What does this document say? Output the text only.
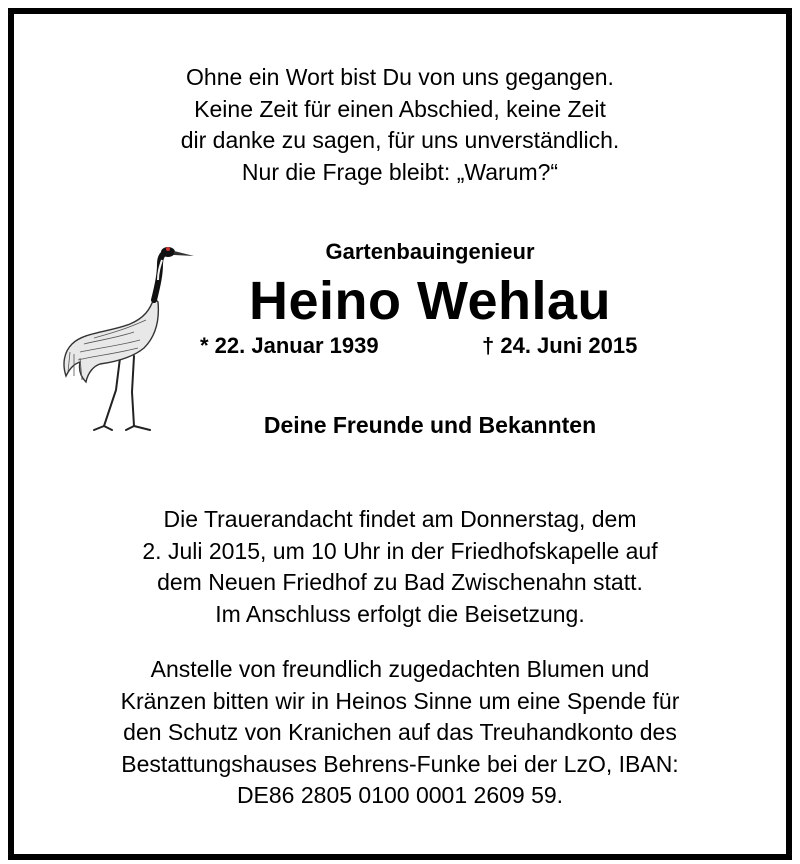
Ohne ein Wort bist Du von uns gegangen.
Keine Zeit für einen Abschied, keine Zeit
dir danke zu sagen, für uns unverständlich.
Nur die Frage bleibt: „Warum?“
Gartenbauingenieur
Heino Wehlau
* 22. Januar 1939	† 24. Juni 2015
Deine Freunde und Bekannten
Die Trauerandacht findet am Donnerstag, dem
2. Juli 2015, um 10 Uhr in der Friedhofskapelle auf
dem Neuen Friedhof zu Bad Zwischenahn statt.
Im Anschluss erfolgt die Beisetzung.
Anstelle von freundlich zugedachten Blumen und
Kränzen bitten wir in Heinos Sinne um eine Spende für
den Schutz von Kranichen auf das Treuhandkonto des
Bestattungshauses Behrens-Funke bei der LzO, IBAN:
DE86 2805 0100 0001 2609 59.
